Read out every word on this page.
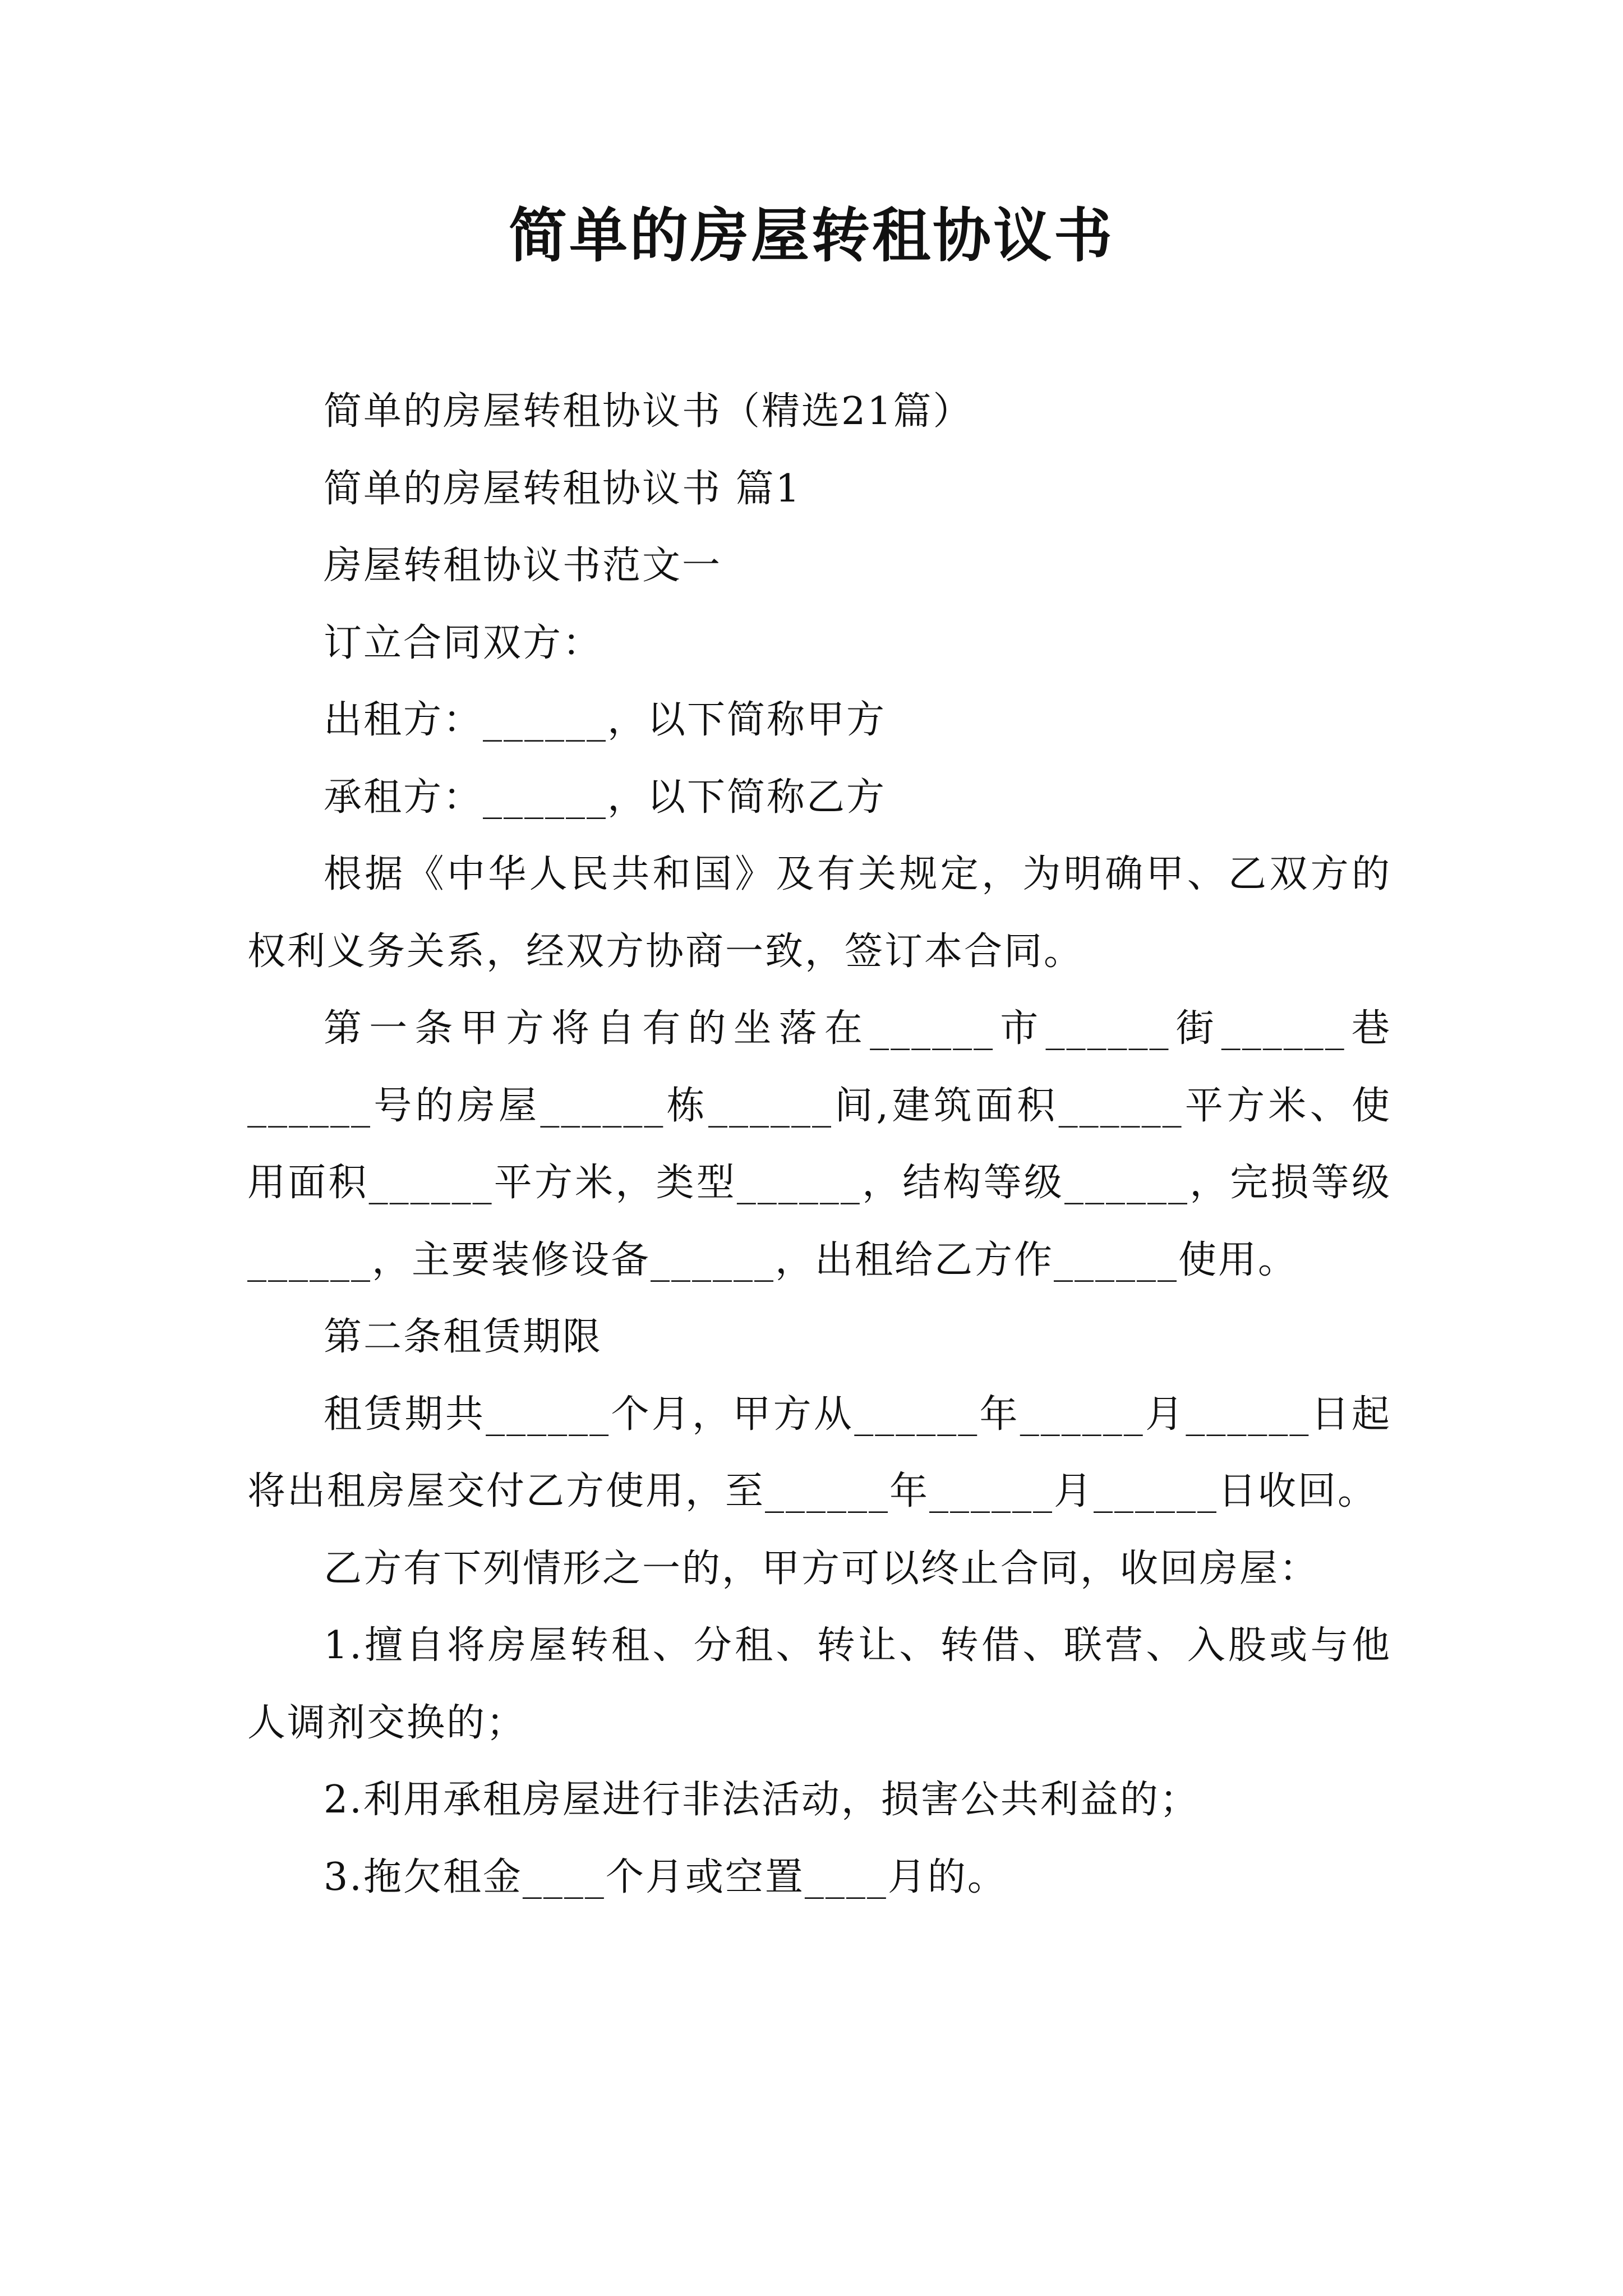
简单的房屋转租协议书

简单的房屋转租协议书（精选21篇）

简单的房屋转租协议书 篇1

房屋转租协议书范文一

订立合同双方：

出租方：______，以下简称甲方

承租方：______，以下简称乙方

根据《中华人民共和国》及有关规定，为明确甲、乙双方的权利义务关系，经双方协商一致，签订本合同。

第一条甲方将自有的坐落在______市______街______巷______号的房屋______栋______间,建筑面积______平方米、使用面积______平方米，类型______，结构等级______，完损等级______，主要装修设备______，出租给乙方作______使用。

第二条租赁期限

租赁期共______个月，甲方从______年______月______日起将出租房屋交付乙方使用，至______年______月______日收回。

乙方有下列情形之一的，甲方可以终止合同，收回房屋：

1.擅自将房屋转租、分租、转让、转借、联营、入股或与他人调剂交换的；

2.利用承租房屋进行非法活动，损害公共利益的；

3.拖欠租金____个月或空置____月的。
